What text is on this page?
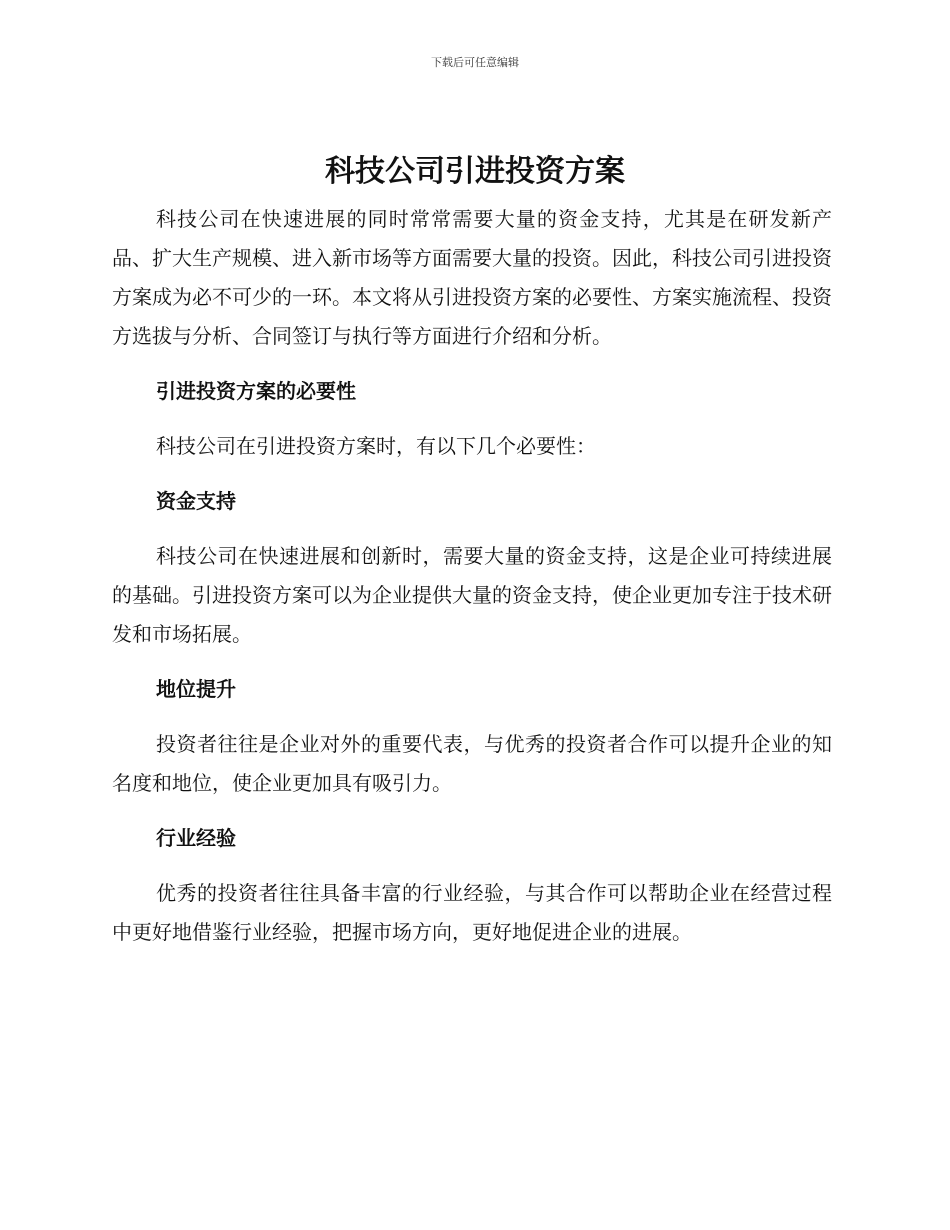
下载后可任意编辑
科技公司引进投资方案

科技公司在快速进展的同时常常需要大量的资金支持，尤其是在研发新产品、扩大生产规模、进入新市场等方面需要大量的投资。因此，科技公司引进投资方案成为必不可少的一环。本文将从引进投资方案的必要性、方案实施流程、投资方选拔与分析、合同签订与执行等方面进行介绍和分析。

引进投资方案的必要性

科技公司在引进投资方案时，有以下几个必要性：

资金支持

科技公司在快速进展和创新时，需要大量的资金支持，这是企业可持续进展的基础。引进投资方案可以为企业提供大量的资金支持，使企业更加专注于技术研发和市场拓展。

地位提升

投资者往往是企业对外的重要代表，与优秀的投资者合作可以提升企业的知名度和地位，使企业更加具有吸引力。

行业经验

优秀的投资者往往具备丰富的行业经验，与其合作可以帮助企业在经营过程中更好地借鉴行业经验，把握市场方向，更好地促进企业的进展。
